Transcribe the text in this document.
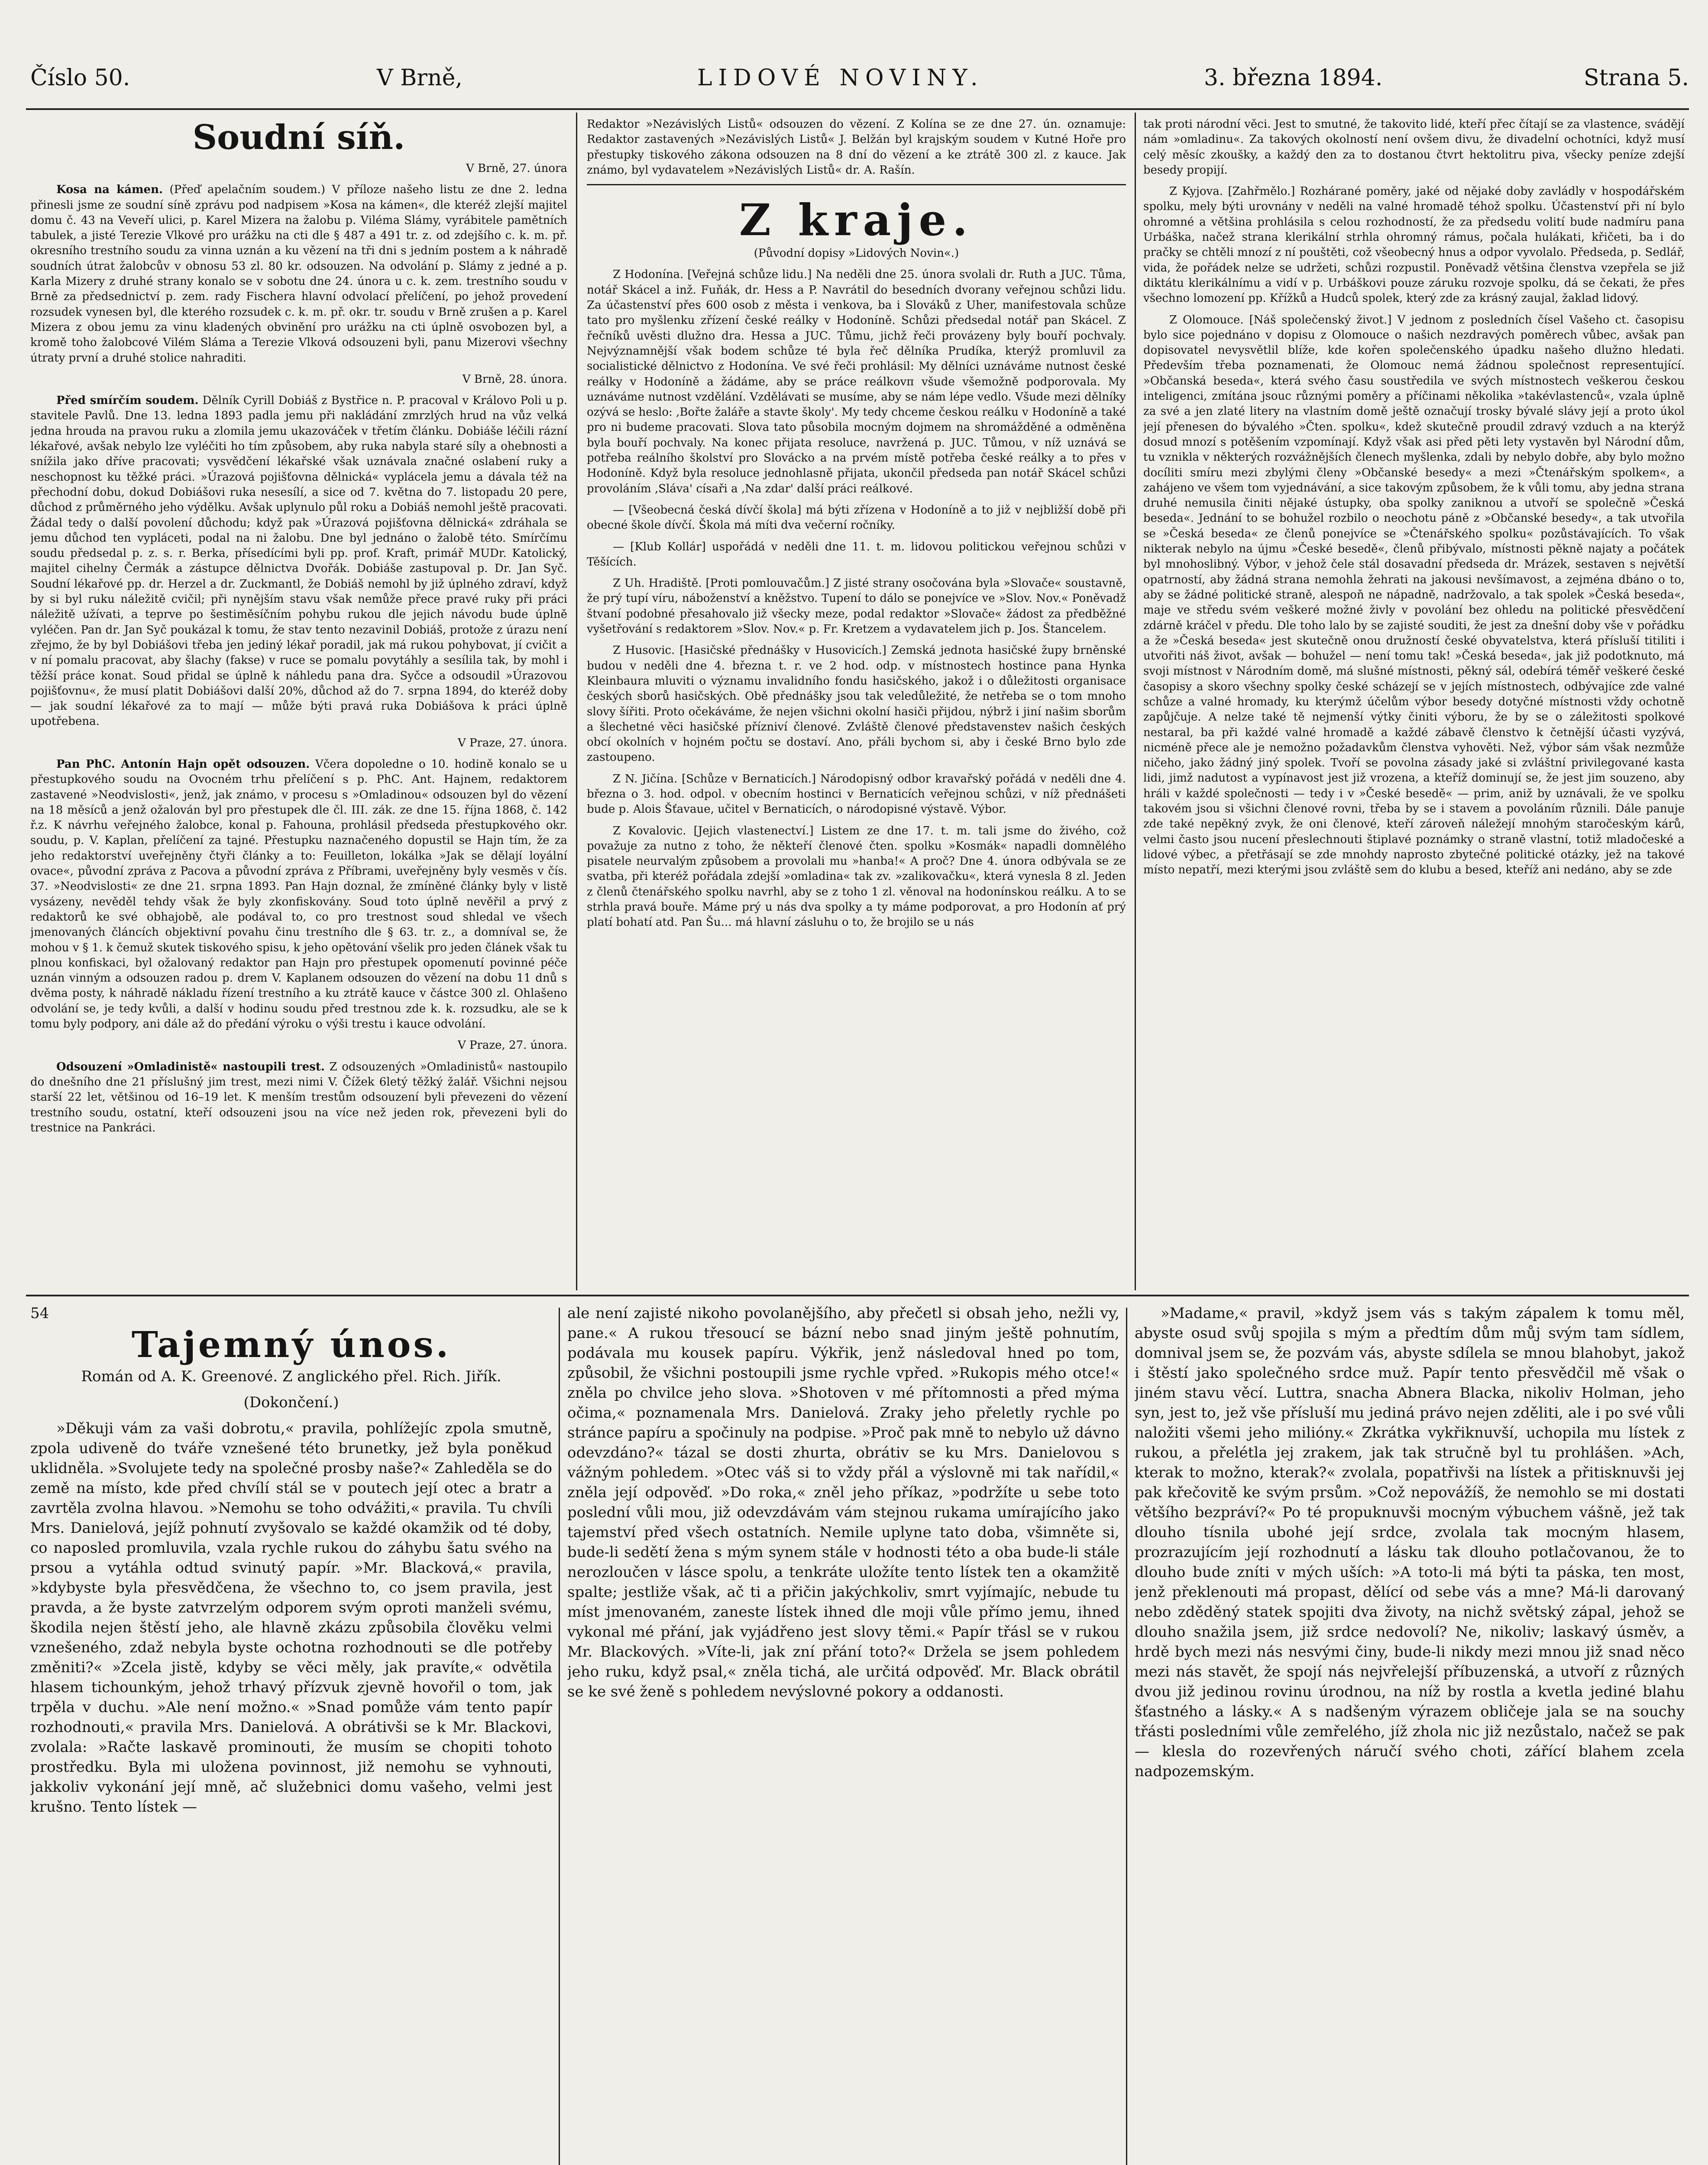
Číslo 50.	V Brně,	LIDOVÉ NOVINY.	3. března 1894.	Strana 5.
Soudní síň.

V Brně, 27. února

Kosa na kámen. (Přeď apelačním soudem.) V příloze našeho listu ze dne 2. ledna přinesli jsme ze soudní síně zprávu pod nadpisem »Kosa na kámen«, dle kteréž zlejší majitel domu č. 43 na Veveří ulici, p. Karel Mizera na žalobu p. Viléma Slámy, vyrábitele pamětních tabulek, a jisté Terezie Vlkové pro urážku na cti dle § 487 a 491 tr. z. od zdejšího c. k. m. př. okresního trestního soudu za vinna uznán a ku vězení na tři dni s jedním postem a k náhradě soudních útrat žalobcův v obnosu 53 zl. 80 kr. odsouzen. Na odvolání p. Slámy z jedné a p. Karla Mizery z druhé strany konalo se v sobotu dne 24. února u c. k. zem. trestního soudu v Brně za předsednictví p. zem. rady Fischera hlavní odvolací přelíčení, po jehož provedení rozsudek vynesen byl, dle kterého rozsudek c. k. m. př. okr. tr. soudu v Brně zrušen a p. Karel Mizera z obou jemu za vinu kladených obvinění pro urážku na cti úplně osvobozen byl, a kromě toho žalobcové Vilém Sláma a Terezie Vlková odsouzeni byli, panu Mizerovi všechny útraty první a druhé stolice nahraditi.

V Brně, 28. února.

Před smírčím soudem. Dělník Cyrill Dobiáš z Bystřice n. P. pracoval v Královo Poli u p. stavitele Pavlů. Dne 13. ledna 1893 padla jemu při nakládání zmrzlých hrud na vůz velká jedna hrouda na pravou ruku a zlomila jemu ukazováček v třetím článku. Dobiáše léčili rázní lékařové, avšak nebylo lze vyléčiti ho tím způsobem, aby ruka nabyla staré síly a ohebnosti a snížila jako dříve pracovati; vysvědčení lékařské však uznávala značné oslabení ruky a neschopnost ku těžké práci. »Úrazová pojišťovna dělnická« vyplácela jemu a dávala též na přechodní dobu, dokud Dobiášovi ruka nesesílí, a sice od 7. května do 7. listopadu 20 pere, důchod z průměrného jeho výdělku. Avšak uplynulo půl roku a Dobiáš nemohl ještě pracovati. Žádal tedy o další povolení důchodu; když pak »Úrazová pojišťovna dělnická« zdráhala se jemu důchod ten vypláceti, podal na ni žalobu. Dne byl jednáno o žalobě této. Smírčímu soudu předsedal p. z. s. r. Berka, přísedícími byli pp. prof. Kraft, primář MUDr. Katolický, majitel cihelny Čermák a zástupce dělnictva Dvořák. Dobiáše zastupoval p. Dr. Jan Syč. Soudní lékařové pp. dr. Herzel a dr. Zuckmantl, že Dobiáš nemohl by již úplného zdraví, když by si byl ruku náležitě cvičil; při nynějším stavu však nemůže přece pravé ruky při práci náležitě užívati, a teprve po šestiměsíčním pohybu rukou dle jejich návodu bude úplně vyléčen. Pan dr. Jan Syč poukázal k tomu, že stav tento nezavinil Dobiáš, protože z úrazu není zřejmo, že by byl Dobiášovi třeba jen jediný lékař poradil, jak má rukou pohybovat, jí cvičit a v ní pomalu pracovat, aby šlachy (fakse) v ruce se pomalu povytáhly a sesílila tak, by mohl i těžší práce konat. Soud přidal se úplně k náhledu pana dra. Syčce a odsoudil »Úrazovou pojišťovnu«, že musí platit Dobiášovi další 20%, důchod až do 7. srpna 1894, do kteréž doby — jak soudní lékařové za to mají — může býti pravá ruka Dobiášova k práci úplně upotřebena.

V Praze, 27. února.

Pan PhC. Antonín Hajn opět odsouzen. Včera dopoledne o 10. hodině konalo se u přestupkového soudu na Ovocném trhu přelíčení s p. PhC. Ant. Hajnem, redaktorem zastavené »Neodvislosti«, jenž, jak známo, v procesu s »Omladinou« odsouzen byl do vězení na 18 měsíců a jenž ožalován byl pro přestupek dle čl. III. zák. ze dne 15. října 1868, č. 142 ř.z. K návrhu veřejného žalobce, konal p. Fahouna, prohlásil předseda přestupkového okr. soudu, p. V. Kaplan, přelíčení za tajné. Přestupku naznačeného dopustil se Hajn tím, že za jeho redaktorství uveřejněny čtyři články a to: Feuilleton, lokálka »Jak se dělají loyální ovace«, původní zpráva z Pacova a původní zpráva z Příbrami, uveřejněny byly vesměs v čís. 37. »Neodvislosti« ze dne 21. srpna 1893. Pan Hajn doznal, že zmíněné články byly v listě vysázeny, nevěděl tehdy však že byly zkonfiskovány. Soud toto úplně nevěřil a prvý z redaktorů ke své obhajobě, ale podával to, co pro trestnost soud shledal ve všech jmenovaných článcích objektivní povahu činu trestního dle § 63. tr. z., a domníval se, že mohou v § 1. k čemuž skutek tiskového spisu, k jeho opětování všelik pro jeden článek však tu plnou konfiskaci, byl ožalovaný redaktor pan Hajn pro přestupek opomenutí povinné péče uznán vinným a odsouzen radou p. drem V. Kaplanem odsouzen do vězení na dobu 11 dnů s dvěma posty, k náhradě nákladu řízení trestního a ku ztrátě kauce v částce 300 zl. Ohlašeno odvolání se, je tedy kvůli, a další v hodinu soudu před trestnou zde k. k. rozsudku, ale se k tomu byly podpory, ani dále až do předání výroku o výši trestu i kauce odvolání.

V Praze, 27. února.

Odsouzení »Omladinistě« nastoupili trest. Z odsouzených »Omladinistů« nastoupilo do dnešního dne 21 příslušný jim trest, mezi nimi V. Čížek 6letý těžký žalář. Všichni nejsou starší 22 let, většinou od 16–19 let. K menším trestům odsouzení byli převezeni do vězení trestního soudu, ostatní, kteří odsouzeni jsou na více než jeden rok, převezeni byli do trestnice na Pankráci.

Redaktor »Nezávislých Listů« odsouzen do vězení. Z Kolína se ze dne 27. ún. oznamuje: Redaktor zastavených »Nezávislých Listů« J. Belžán byl krajským soudem v Kutné Hoře pro přestupky tiskového zákona odsouzen na 8 dní do vězení a ke ztrátě 300 zl. z kauce. Jak známo, byl vydavatelem »Nezávislých Listů« dr. A. Rašín.

Z kraje.

(Původní dopisy »Lidových Novin«.)

Z Hodonína. [Veřejná schůze lidu.] Na neděli dne 25. února svolali dr. Ruth a JUC. Tůma, notář Skácel a inž. Fuňák, dr. Hess a P. Navrátil do besedních dvorany veřejnou schůzi lidu. Za účastenství přes 600 osob z města i venkova, ba i Slováků z Uher, manifestovala schůze tato pro myšlenku zřízení české reálky v Hodoníně. Schůzi předsedal notář pan Skácel. Z řečníků uvěsti dlužno dra. Hessa a JUC. Tůmu, jichž řeči provázeny byly bouří pochvaly. Nejvýznamnější však bodem schůze té byla řeč dělníka Prudíka, kterýž promluvil za socialistické dělnictvo z Hodonína. Ve své řeči prohlásil: My dělníci uznáváme nutnost české reálky v Hodoníně a žádáme, aby se práce reálkovπ všude všemožně podporovala. My uznáváme nutnost vzdělání. Vzdělávati se musíme, aby se nám lépe vedlo. Všude mezi dělníky ozývá se heslo: ‚Bořte žaláře a stavte školy'. My tedy chceme českou reálku v Hodoníně a také pro ni budeme pracovati. Slova tato působila mocným dojmem na shromážděné a odměněna byla bouří pochvaly. Na konec přijata resoluce, navržená p. JUC. Tůmou, v níž uznává se potřeba reálního školství pro Slovácko a na prvém místě potřeba české reálky a to přes v Hodoníně. Když byla resoluce jednohlasně přijata, ukončil předseda pan notář Skácel schůzi provoláním ‚Sláva' císaři a ‚Na zdar' další práci reálkové.

— [Všeobecná česká dívčí škola] má býti zřízena v Hodoníně a to již v nejbližší době při obecné škole dívčí. Škola má míti dva večerní ročníky.

— [Klub Kollár] uspořádá v neděli dne 11. t. m. lidovou politickou veřejnou schůzi v Těšících.

Z Uh. Hradiště. [Proti pomlouvačům.] Z jisté strany osočována byla »Slovače« soustavně, že prý tupí víru, náboženství a kněžstvo. Tupení to dálo se ponejvíce ve »Slov. Nov.« Poněvadž štvaní podobné přesahovalo již všecky meze, podal redaktor »Slovače« žádost za předběžné vyšetřování s redaktorem »Slov. Nov.« p. Fr. Kretzem a vydavatelem jich p. Jos. Štancelem.

Z Husovic. [Hasičské přednášky v Husovicích.] Zemská jednota hasičské župy brněnské budou v neděli dne 4. března t. r. ve 2 hod. odp. v místnostech hostince pana Hynka Kleinbaura mluviti o významu invalidního fondu hasičského, jakož i o důležitosti organisace českých sborů hasičských. Obě přednášky jsou tak veledůležité, že netřeba se o tom mnoho slovy šířiti. Proto očekáváme, že nejen všichni okolní hasiči přijdou, nýbrž i jiní našim sborům a šlechetné věci hasičské přízniví členové. Zvláště členové představenstev našich českých obcí okolních v hojném počtu se dostaví. Ano, přáli bychom si, aby i české Brno bylo zde zastoupeno.

Z N. Jičína. [Schůze v Bernaticích.] Národopisný odbor kravařský pořádá v neděli dne 4. března o 3. hod. odpol. v obecním hostinci v Bernaticích veřejnou schůzi, v níž přednášeti bude p. Alois Šťavaue, učitel v Bernaticích, o národopisné výstavě. Výbor.

Z Kovalovic. [Jejich vlastenectví.] Listem ze dne 17. t. m. tali jsme do živého, což považuje za nutno z toho, že někteří členové čten. spolku »Kosmák« napadli domnělého pisatele neurvalým způsobem a provolali mu »hanba!« A proč? Dne 4. února odbývala se ze svatba, při kteréž pořádala zdejší »omladina« tak zv. »zalikovačku«, která vynesla 8 zl. Jeden z členů čtenářského spolku navrhl, aby se z toho 1 zl. věnoval na hodonínskou reálku. A to se strhla pravá bouře. Máme prý u nás dva spolky a ty máme podporovat, a pro Hodonín ať prý platí bohatí atd. Pan Šu... má hlavní zásluhu o to, že brojilo se u nás

tak proti národní věci. Jest to smutné, že takovito lidé, kteří přec čítají se za vlastence, svádějí nám »omladinu«. Za takových okolností není ovšem divu, že divadelní ochotníci, když musí celý měsíc zkoušky, a každý den za to dostanou čtvrt hektolitru piva, všecky peníze zdejší besedy propijí.

Z Kyjova. [Zahřmělo.] Rozhárané poměry, jaké od nějaké doby zavládly v hospodářském spolku, mely býti urovnány v neděli na valné hromadě téhož spolku. Účastenství při ní bylo ohromné a většina prohlásila s celou rozhodností, že za předsedu volití bude nadmíru pana Urbáška, načež strana klerikální strhla ohromný rámus, počala hulákati, křičeti, ba i do pračky se chtěli mnozí z ní pouštěti, což všeobecný hnus a odpor vyvolalo. Předseda, p. Sedlář, vida, že pořádek nelze se udržeti, schůzi rozpustil. Poněvadž většina členstva vzepřela se již diktátu klerikálnímu a vidí v p. Urbáškovi pouze záruku rozvoje spolku, dá se čekati, že přes všechno lomození pp. Křížků a Hudců spolek, který zde za krásný zaujal, žaklad lidový.

Z Olomouce. [Náš společenský život.] V jednom z posledních čísel Vašeho ct. časopisu bylo sice pojednáno v dopisu z Olomouce o našich nezdravých poměrech vůbec, avšak pan dopisovatel nevysvětlil blíže, kde kořen společenského úpadku našeho dlužno hledati. Především třeba poznamenati, že Olomouc nemá žádnou společnost representující. »Občanská beseda«, která svého času soustředila ve svých místnostech veškerou českou inteligenci, zmítána jsouc různými poměry a příčinami několika »takévlastenců«, vzala úplně za své a jen zlaté litery na vlastním domě ještě označují trosky bývalé slávy její a proto úkol její přenesen do bývalého »Čten. spolku«, kdež skutečně proudil zdravý vzduch a na kterýž dosud mnozí s potěšením vzpomínají. Když však asi před pěti lety vystavěn byl Národní dům, tu vznikla v některých rozvážnějších členech myšlenka, zdali by nebylo dobře, aby bylo možno docíliti smíru mezi zbylými členy »Občanské besedy« a mezi »Čtenářským spolkem«, a zahájeno ve všem tom vyjednávání, a sice takovým způsobem, že k vůli tomu, aby jedna strana druhé nemusila činiti nějaké ústupky, oba spolky zaniknou a utvoří se společně »Česká beseda«. Jednání to se bohužel rozbilo o neochotu páně z »Občanské besedy«, a tak utvořila se »Česká beseda« ze členů ponejvíce se »Čtenářského spolku« pozůstávajících. To však nikterak nebylo na újmu »České besedě«, členů přibývalo, místnosti pěkně najaty a počátek byl mnohoslibný. Výbor, v jehož čele stál dosavadní předseda dr. Mrázek, sestaven s největší opatrností, aby žádná strana nemohla žehrati na jakousi nevšímavost, a zejména dbáno o to, aby se žádné politické straně, alespoň ne nápadně, nadržovalo, a tak spolek »Česká beseda«, maje ve středu svém veškeré možné živly v povolání bez ohledu na politické přesvědčení zdárně kráčel v předu. Dle toho lalo by se zajisté souditi, že jest za dnešní doby vše v pořádku a že »Česká beseda« jest skutečně onou družností české obyvatelstva, která přísluší titiliti i utvořiti náš život, avšak — bohužel — není tomu tak! »Česká beseda«, jak již podotknuto, má svoji místnost v Národním domě, má slušné místnosti, pěkný sál, odebírá téměř veškeré české časopisy a skoro všechny spolky české scházejí se v jejích místnostech, odbývajíce zde valné schůze a valné hromady, ku kterýmž účelům výbor besedy dotyčné místnosti vždy ochotně zapůjčuje. A nelze také tě nejmenší výtky činiti výboru, že by se o záležitosti spolkové nestaral, ba při každé valné hromadě a každé zábavě členstvo k četnější účasti vyzývá, nicméně přece ale je nemožno požadavkům členstva vyhověti. Než, výbor sám však nezmůže ničeho, jako žádný jiný spolek. Tvoří se povolna zásady jaké si zvláštní privilegované kasta lidi, jimž nadutost a vypínavost jest již vrozena, a kteříž dominují se, že jest jim souzeno, aby hráli v každé společnosti — tedy i v »České besedě« — prim, aniž by uznávali, že ve spolku takovém jsou si všichni členové rovni, třeba by se i stavem a povoláním různili. Dále panuje zde také nepěkný zvyk, že oni členové, kteří zároveň náležejí mnohým staročeským kárů, velmi často jsou nucení přeslechnouti štiplavé poznámky o straně vlastní, totiž mladočeské a lidové výbec, a přetřásají se zde mnohdy naprosto zbytečné politické otázky, jež na takové místo nepatří, mezi kterými jsou zvláště sem do klubu a besed, kteříž ani nedáno, aby se zde

54
Tajemný únos.

Román od A. K. Greenové. Z anglického přel. Rich. Jiřík.

(Dokončení.)

»Děkuji vám za vaši dobrotu,« pravila, pohlížejíc zpola smutně, zpola udiveně do tváře vznešené této brunetky, jež byla poněkud uklidněla. »Svolujete tedy na společné prosby naše?« Zahleděla se do země na místo, kde před chvílí stál se v poutech její otec a bratr a zavrtěla zvolna hlavou. »Nemohu se toho odvážiti,« pravila. Tu chvíli Mrs. Danielová, jejíž pohnutí zvyšovalo se každé okamžik od té doby, co naposled promluvila, vzala rychle rukou do záhybu šatu svého na prsou a vytáhla odtud svinutý papír. »Mr. Blacková,« pravila, »kdybyste byla přesvědčena, že všechno to, co jsem pravila, jest pravda, a že byste zatvrzelým odporem svým oproti manželi svému, škodila nejen štěstí jeho, ale hlavně zkázu způsobila člověku velmi vznešeného, zdaž nebyla byste ochotna rozhodnouti se dle potřeby změniti?« »Zcela jistě, kdyby se věci měly, jak pravíte,« odvětila hlasem tichounkým, jehož trhavý přízvuk zjevně hovořil o tom, jak trpěla v duchu. »Ale není možno.« »Snad pomůže vám tento papír rozhodnouti,« pravila Mrs. Danielová. A obrátivši se k Mr. Blackovi, zvolala: »Račte laskavě prominouti, že musím se chopiti tohoto prostředku. Byla mi uložena povinnost, již nemohu se vyhnouti, jakkoliv vykonání její mně, ač služebnici domu vašeho, velmi jest krušno. Tento lístek —

ale není zajisté nikoho povolanějšího, aby přečetl si obsah jeho, nežli vy, pane.« A rukou třesoucí se bázní nebo snad jiným ještě pohnutím, podávala mu kousek papíru. Výkřik, jenž následoval hned po tom, způsobil, že všichni postoupili jsme rychle vpřed. »Rukopis mého otce!« zněla po chvilce jeho slova. »Shotoven v mé přítomnosti a před mýma očima,« poznamenala Mrs. Danielová. Zraky jeho přeletly rychle po stránce papíru a spočinuly na podpise. »Proč pak mně to nebylo už dávno odevzdáno?« tázal se dosti zhurta, obrátiv se ku Mrs. Danielovou s vážným pohledem. »Otec váš si to vždy přál a výslovně mi tak nařídil,« zněla její odpověď. »Do roka,« zněl jeho příkaz, »podržíte u sebe toto poslední vůli mou, již odevzdávám vám stejnou rukama umírajícího jako tajemství před všech ostatních. Nemile uplyne tato doba, všimněte si, bude-li sedětí žena s mým synem stále v hodnosti této a oba bude-li stále nerozloučen v lásce spolu, a tenkráte uložíte tento lístek ten a okamžitě spalte; jestliže však, ač ti a přičin jakýchkoliv, smrt vyjímajíc, nebude tu míst jmenovaném, zaneste lístek ihned dle moji vůle přímo jemu, ihned vykonal mé přání, jak vyjádřeno jest slovy těmi.« Papír třásl se v rukou Mr. Blackových. »Víte-li, jak zní přání toto?« Držela se jsem pohledem jeho ruku, když psal,« zněla tichá, ale určitá odpověď. Mr. Black obrátil se ke své ženě s pohledem nevýslovné pokory a oddanosti.

»Madame,« pravil, »když jsem vás s takým zápalem k tomu měl, abyste osud svůj spojila s mým a předtím dům můj svým tam sídlem, domnival jsem se, že pozvám vás, abyste sdílela se mnou blahobyt, jakož i štěstí jako společného srdce muž. Papír tento přesvědčil mě však o jiném stavu věcí. Luttra, snacha Abnera Blacka, nikoliv Holman, jeho syn, jest to, jež vše přísluší mu jediná právo nejen zděliti, ale i po své vůli naložiti všemi jeho milióny.« Zkrátka vykřiknuvší, uchopila mu lístek z rukou, a přelétla jej zrakem, jak tak stručně byl tu prohlášen. »Ach, kterak to možno, kterak?« zvolala, popatřivši na lístek a přitisknuvši jej pak křečovitě ke svým prsům. »Což nepovážíš, že nemohlo se mi dostati většího bezpráví?« Po té propuknuvši mocným výbuchem vášně, jež tak dlouho tísnila ubohé její srdce, zvolala tak mocným hlasem, prozrazujícím její rozhodnutí a lásku tak dlouho potlačovanou, že to dlouho bude zníti v mých uších: »A toto-li má býti ta páska, ten most, jenž překlenouti má propast, dělící od sebe vás a mne? Má-li darovaný nebo zděděný statek spojiti dva životy, na nichž světský zápal, jehož se dlouho snažila jsem, již srdce nedovolí? Ne, nikoliv; laskavý úsměv, a hrdě bych mezi nás nesvými činy, bude-li nikdy mezi mnou již snad něco mezi nás stavět, že spojí nás nejvřelejší příbuzenská, a utvoří z různých dvou již jedinou rovinu úrodnou, na níž by rostla a kvetla jediné blahu šťastného a lásky.« A s nadšeným výrazem obličeje jala se na souchy třásti posledními vůle zemřelého, jíž zhola nic již nezůstalo, načež se pak — klesla do rozevřených náručí svého choti, zářící blahem zcela nadpozemským.
